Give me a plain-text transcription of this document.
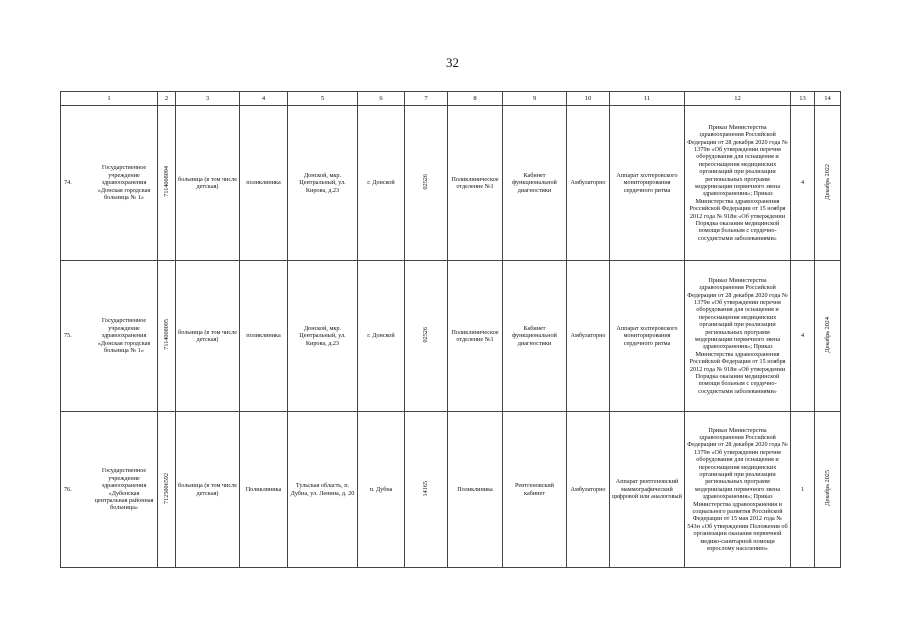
32
1	2	3	4	5	6	7	8	9	10	11	12	13	14
74.Государственное учреждение здравоохранения «Донская городская больница № 1»	7114008094	больница (в том числе детская)	поликлиника	Донской, мкр. Центральный, ул. Кирова, д.23	г. Донской	02526	Поликлиническое отделение №1	Кабинет функциональной диагностики	Амбулаторно	Аппарат холтеровского мониторирования сердечного ритма	Приказ Министерства здравоохранения Российской Федерации от 28 декабря 2020 года № 1379н «Об утверждении перечня оборудования для оснащения и переоснащения медицинских организаций при реализации региональных программ модернизации первичного звена здравоохранения»; Приказ Министерства здравоохранения Российской Федерации от 15 ноября 2012 года № 918н «Об утверждении Порядка оказания медицинской помощи больным с сердечно-сосудистыми заболеваниями»	4	Декабрь 2022
75.Государственное учреждение здравоохранения «Донская городская больница № 1»	7114008095	больница (в том числе детская)	поликлиника	Донской, мкр. Центральный, ул. Кирова, д.23	г. Донской	02526	Поликлиническое отделение №1	Кабинет функциональной диагностики	Амбулаторно	Аппарат холтеровского мониторирования сердечного ритма	Приказ Министерства здравоохранения Российской Федерации от 28 декабря 2020 года № 1379н «Об утверждении перечня оборудования для оснащения и переоснащения медицинских организаций при реализации региональных программ модернизации первичного звена здравоохранения»; Приказ Министерства здравоохранения Российской Федерации от 15 ноября 2012 года № 918н «Об утверждении Порядка оказания медицинской помощи больным с сердечно-сосудистыми заболеваниями»	4	Декабрь 2024
76.Государственное учреждение здравоохранения «Дубенская центральная районная больница»	7125006592	больница (в том числе детская)	Поликлиника	Тульская область, п. Дубна, ул. Ленина, д. 20	п. Дубна	14165	Поликлиника	Рентгеновский кабинет	Амбулаторно	Аппарат рентгеновский маммографический цифровой или аналоговый	Приказ Министерства здравоохранения Российской Федерации от 28 декабря 2020 года № 1379н «Об утверждении перечня оборудования для оснащения и переоснащения медицинских организаций при реализации региональных программ модернизации первичного звена здравоохранения»; Приказ Министерства здравоохранения и социального развития Российской Федерации от 15 мая 2012 года № 543н «Об утверждении Положения об организации оказания первичной медико-санитарной помощи взрослому населению»	1	Декабрь 2025
